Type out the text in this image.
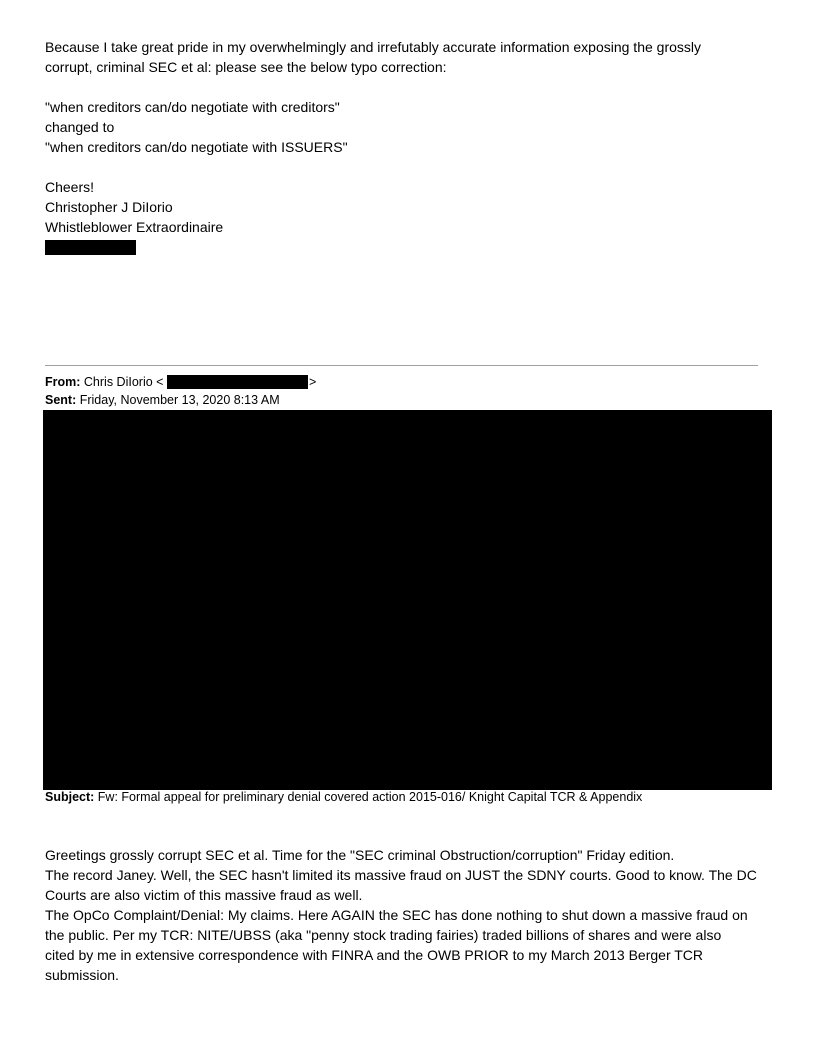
Because I take great pride in my overwhelmingly and irrefutably accurate information exposing the grossly
corrupt, criminal SEC et al: please see the below typo correction:
"when creditors can/do negotiate with creditors"
changed to
"when creditors can/do negotiate with ISSUERS"
Cheers!
Christopher J DiIorio
Whistleblower Extraordinaire
From: Chris DiIorio <	>
Sent: Friday, November 13, 2020 8:13 AM
Subject: Fw: Formal appeal for preliminary denial covered action 2015-016/ Knight Capital TCR & Appendix
Greetings grossly corrupt SEC et al. Time for the "SEC criminal Obstruction/corruption" Friday edition.
The record Janey. Well, the SEC hasn't limited its massive fraud on JUST the SDNY courts. Good to know. The DC
Courts are also victim of this massive fraud as well.
The OpCo Complaint/Denial: My claims. Here AGAIN the SEC has done nothing to shut down a massive fraud on
the public. Per my TCR: NITE/UBSS (aka "penny stock trading fairies) traded billions of shares and were also
cited by me in extensive correspondence with FINRA and the OWB PRIOR to my March 2013 Berger TCR
submission.
